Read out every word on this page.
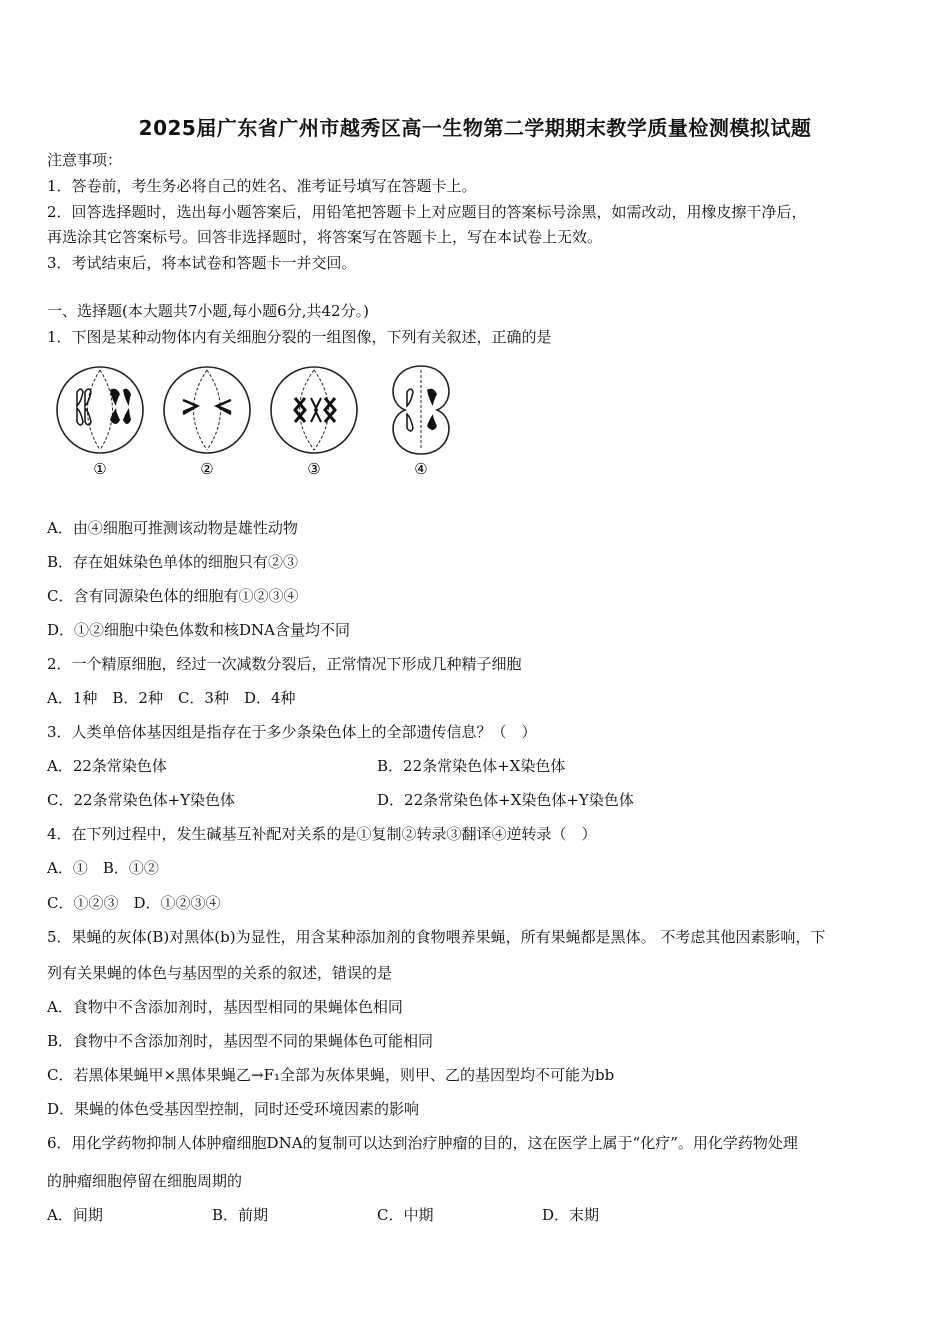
2025届广东省广州市越秀区高一生物第二学期期末教学质量检测模拟试题
注意事项：
1．答卷前，考生务必将自己的姓名、准考证号填写在答题卡上。
2．回答选择题时，选出每小题答案后，用铅笔把答题卡上对应题目的答案标号涂黑，如需改动，用橡皮擦干净后，
再选涂其它答案标号。回答非选择题时，将答案写在答题卡上，写在本试卷上无效。
3．考试结束后，将本试卷和答题卡一并交回。
一、选择题(本大题共7小题,每小题6分,共42分。)
1．下图是某种动物体内有关细胞分裂的一组图像，下列有关叙述，正确的是
①	②	③	④
A．由④细胞可推测该动物是雄性动物
B．存在姐妹染色单体的细胞只有②③
C．含有同源染色体的细胞有①②③④
D．①②细胞中染色体数和核DNA含量均不同
2．一个精原细胞，经过一次减数分裂后，正常情况下形成几种精子细胞
A．1种　B．2种　C．3种　D．4种
3．人类单倍体基因组是指存在于多少条染色体上的全部遗传信息？（　）
A．22条常染色体	B．22条常染色体+X染色体
C．22条常染色体+Y染色体	D．22条常染色体+X染色体+Y染色体
4．在下列过程中，发生碱基互补配对关系的是①复制②转录③翻译④逆转录（　）
A．①　B．①②
C．①②③　D．①②③④
5．果蝇的灰体(B)对黑体(b)为显性，用含某种添加剂的食物喂养果蝇，所有果蝇都是黑体。 不考虑其他因素影响，下
列有关果蝇的体色与基因型的关系的叙述，错误的是
A．食物中不含添加剂时，基因型相同的果蝇体色相同
B．食物中不含添加剂时，基因型不同的果蝇体色可能相同
C．若黑体果蝇甲×黑体果蝇乙→F₁全部为灰体果蝇，则甲、乙的基因型均不可能为bb
D．果蝇的体色受基因型控制，同时还受环境因素的影响
6．用化学药物抑制人体肿瘤细胞DNA的复制可以达到治疗肿瘤的目的，这在医学上属于“化疗”。用化学药物处理
的肿瘤细胞停留在细胞周期的
A．间期	B．前期	C．中期	D．末期
